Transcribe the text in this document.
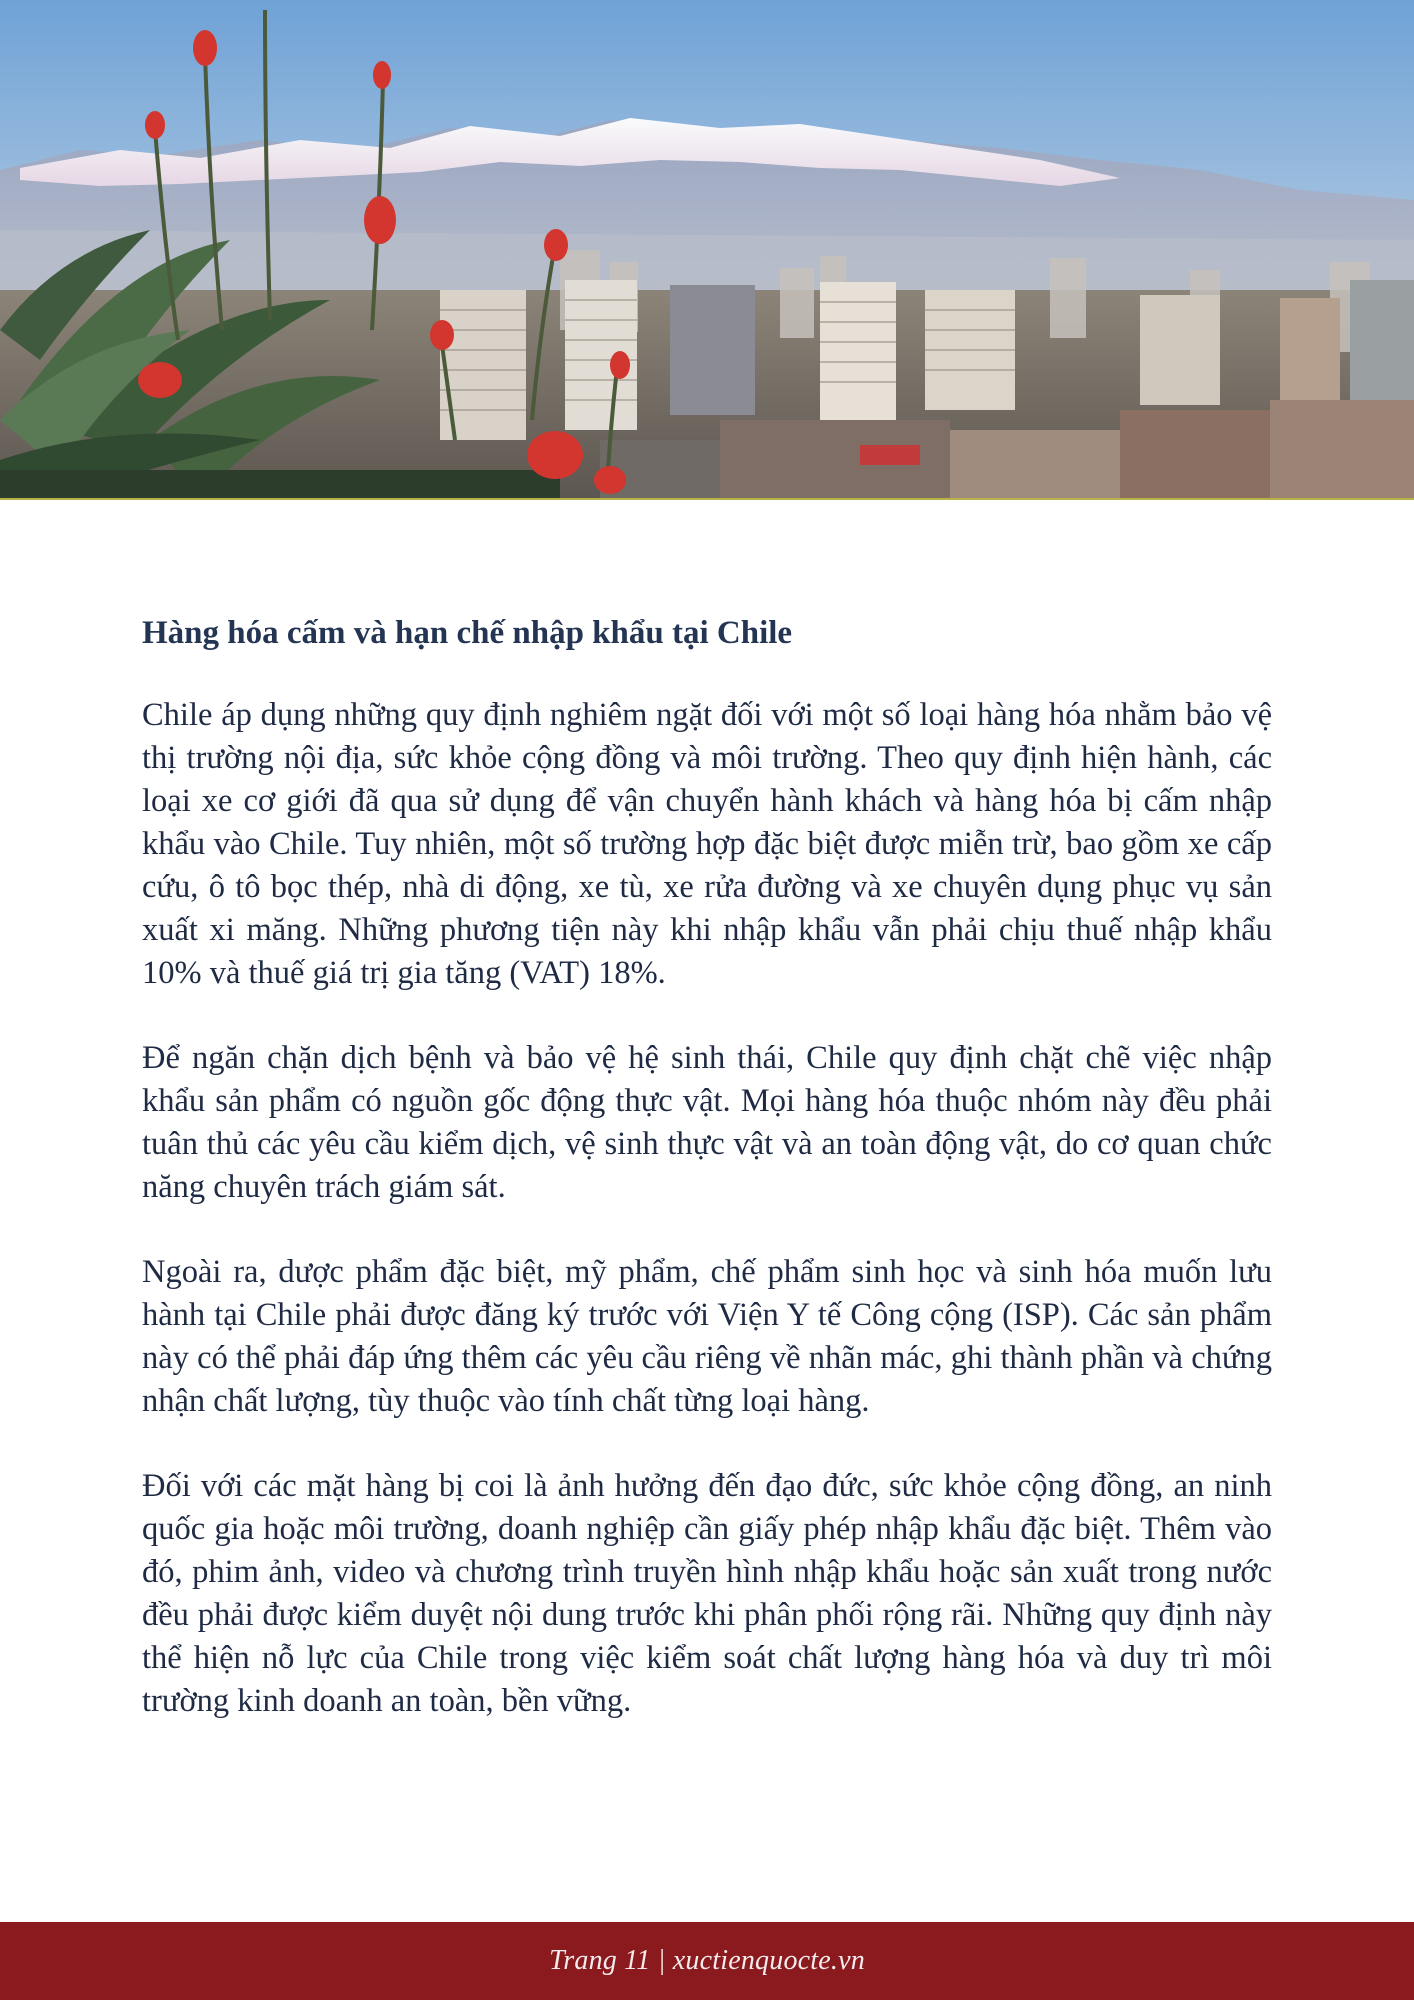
Hàng hóa cấm và hạn chế nhập khẩu tại Chile

Chile áp dụng những quy định nghiêm ngặt đối với một số loại hàng hóa nhằm bảo vệ thị trường nội địa, sức khỏe cộng đồng và môi trường. Theo quy định hiện hành, các loại xe cơ giới đã qua sử dụng để vận chuyển hành khách và hàng hóa bị cấm nhập khẩu vào Chile. Tuy nhiên, một số trường hợp đặc biệt được miễn trừ, bao gồm xe cấp cứu, ô tô bọc thép, nhà di động, xe tù, xe rửa đường và xe chuyên dụng phục vụ sản xuất xi măng. Những phương tiện này khi nhập khẩu vẫn phải chịu thuế nhập khẩu 10% và thuế giá trị gia tăng (VAT) 18%.

Để ngăn chặn dịch bệnh và bảo vệ hệ sinh thái, Chile quy định chặt chẽ việc nhập khẩu sản phẩm có nguồn gốc động thực vật. Mọi hàng hóa thuộc nhóm này đều phải tuân thủ các yêu cầu kiểm dịch, vệ sinh thực vật và an toàn động vật, do cơ quan chức năng chuyên trách giám sát.

Ngoài ra, dược phẩm đặc biệt, mỹ phẩm, chế phẩm sinh học và sinh hóa muốn lưu hành tại Chile phải được đăng ký trước với Viện Y tế Công cộng (ISP). Các sản phẩm này có thể phải đáp ứng thêm các yêu cầu riêng về nhãn mác, ghi thành phần và chứng nhận chất lượng, tùy thuộc vào tính chất từng loại hàng.

Đối với các mặt hàng bị coi là ảnh hưởng đến đạo đức, sức khỏe cộng đồng, an ninh quốc gia hoặc môi trường, doanh nghiệp cần giấy phép nhập khẩu đặc biệt. Thêm vào đó, phim ảnh, video và chương trình truyền hình nhập khẩu hoặc sản xuất trong nước đều phải được kiểm duyệt nội dung trước khi phân phối rộng rãi. Những quy định này thể hiện nỗ lực của Chile trong việc kiểm soát chất lượng hàng hóa và duy trì môi trường kinh doanh an toàn, bền vững.

Trang 11 | xuctienquocte.vn
